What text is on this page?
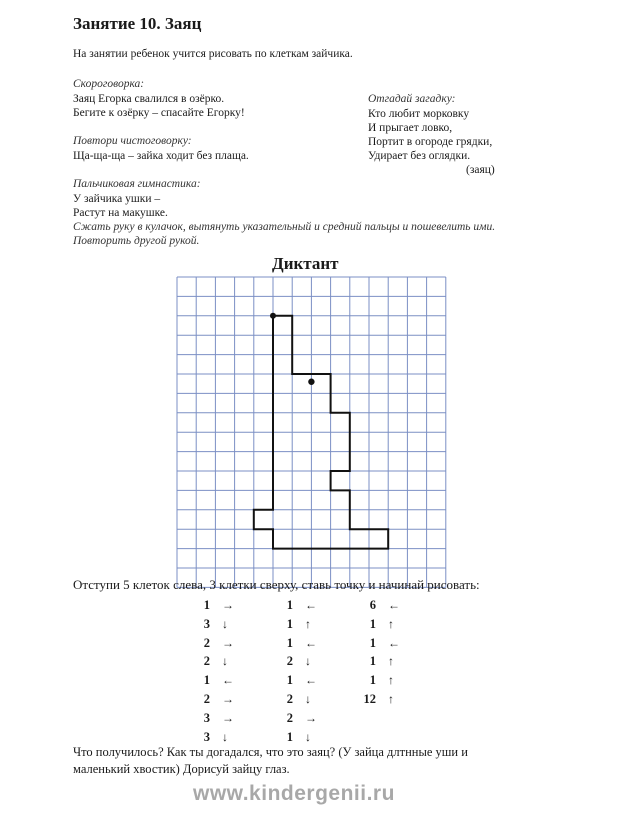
Занятие 10. Заяц
На занятии ребенок учится рисовать по клеткам зайчика.
Скороговорка:
Заяц Егорка свалился в озёрко.
Бегите к озёрку – спасайте Егорку!
Повтори чистоговорку:
Ща-ща-ща – зайка ходит без плаща.
Отгадай загадку:
Кто любит морковку
И прыгает ловко,
Портит в огороде грядки,
Удирает без оглядки.
(заяц)
Пальчиковая гимнастика:
У зайчика ушки –
Растут на макушке.
Сжать руку в кулачок, вытянуть указательный и средний пальцы и пошевелить ими.
Повторить другой рукой.
Диктант
Отступи 5 клеток слева, 3 клетки сверху, ставь точку и начинай рисовать:
1 →
3 ↓
2 →
2 ↓
1 ←
2 →
3 →
3 ↓
1 ←
1 ↑
1 ←
2 ↓
1 ←
2 ↓
2 →
1 ↓
6 ←
1 ↑
1 ←
1 ↑
1 ↑
12 ↑
Что получилось? Как ты догадался, что это заяц? (У зайца длтнные уши и
маленький хвостик) Дорисуй зайцу глаз.
www.kindergenii.ru
